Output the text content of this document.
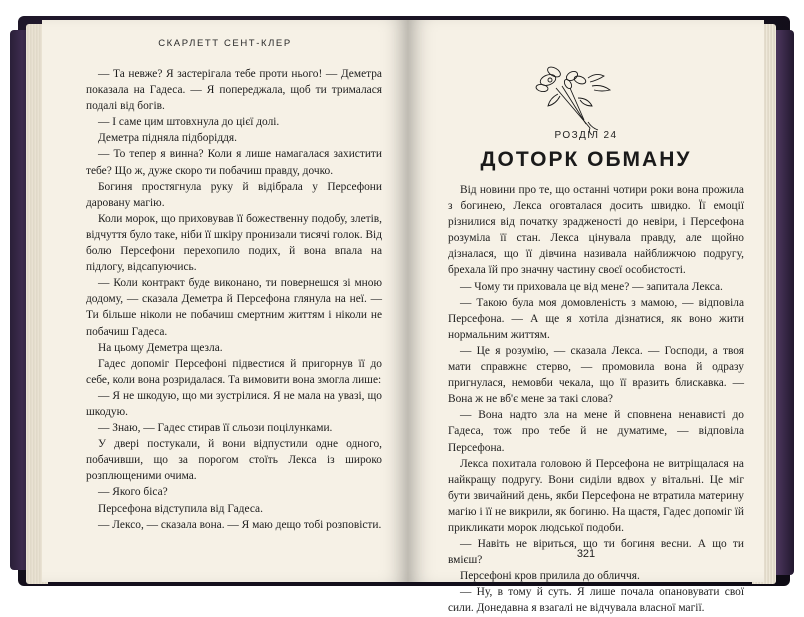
СКАРЛЕТТ СЕНТ-КЛЕР

— Та невже? Я застерігала тебе проти нього! — Деметра показала на Гадеса. — Я попереджала, щоб ти трималася подалі від богів.

— І саме цим штовхнула до цієї долі.

Деметра підняла підборіддя.

— То тепер я винна? Коли я лише намагалася захистити тебе? Що ж, дуже скоро ти побачиш правду, дочко.

Богиня простягнула руку й відібрала у Персефони даровану магію.

Коли морок, що приховував її божественну подобу, злетів, відчуття було таке, ніби її шкіру пронизали тисячі голок. Від болю Персефони перехопило подих, й вона впала на підлогу, відсапуючись.

— Коли контракт буде виконано, ти повернешся зі мною додому, — сказала Деметра й Персефона глянула на неї. — Ти більше ніколи не побачиш смертним життям і ніколи не побачиш Гадеса.

На цьому Деметра щезла.

Гадес допоміг Персефоні підвестися й пригорнув її до себе, коли вона розридалася. Та вимовити вона змогла лише:

— Я не шкодую, що ми зустрілися. Я не мала на увазі, що шкодую.

— Знаю, — Гадес стирав її сльози поцілунками.

У двері постукали, й вони відпустили одне одного, побачивши, що за порогом стоїть Лекса із широко розплющеними очима.

— Якого біса?

Персефона відступила від Гадеса.

— Лексо, — сказала вона. — Я маю дещо тобі розповісти.

РОЗДІЛ 24
ДОТОРК ОБМАНУ

Від новини про те, що останні чотири роки вона прожила з богинею, Лекса оговталася досить швидко. Її емоції різнилися від початку зрадженості до невіри, і Персефона розуміла її стан. Лекса цінувала правду, але щойно дізналася, що її дівчина називала найближчою подругу, брехала їй про значну частину своєї особистості.

— Чому ти приховала це від мене? — запитала Лекса.

— Такою була моя домовленість з мамою, — відповіла Персефона. — А ще я хотіла дізнатися, як воно жити нормальним життям.

— Це я розумію, — сказала Лекса. — Господи, а твоя мати справжнє стерво, — промовила вона й одразу пригнулася, немовби чекала, що її вразить блискавка. — Вона ж не вб'є мене за такі слова?

— Вона надто зла на мене й сповнена ненависті до Гадеса, тож про тебе й не думатиме, — відповіла Персефона.

Лекса похитала головою й Персефона не витріщалася на найкращу подругу. Вони сиділи вдвох у вітальні. Це міг бути звичайний день, якби Персефона не втратила материну магію і її не викрили, як богиню. На щастя, Гадес допоміг їй прикликати морок людської подоби.

— Навіть не віриться, що ти богиня весни. А що ти вмієш?

Персефоні кров прилила до обличчя.

— Ну, в тому й суть. Я лише почала опановувати свої сили. Донедавна я взагалі не відчувала власної магії.

321
